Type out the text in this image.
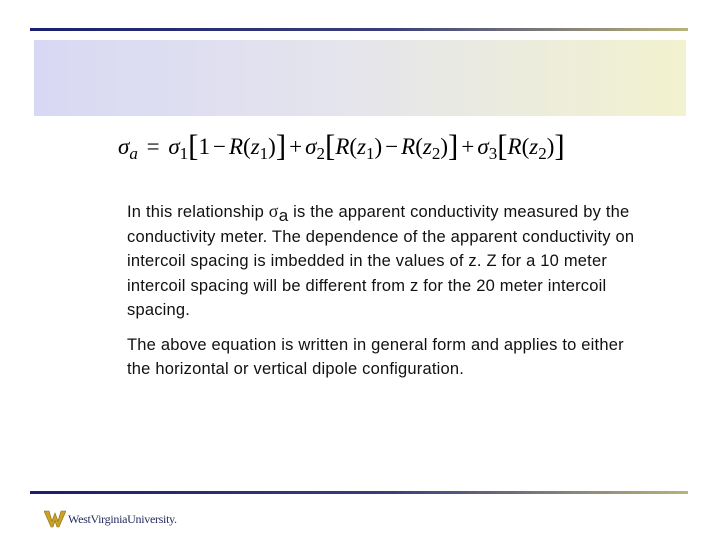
$\sigma_a = \sigma_1[1 - R(z_1)] + \sigma_2[R(z_1) - R(z_2)] + \sigma_3[R(z_2)]$

In this relationship $\sigma_a$ is the apparent conductivity measured by the conductivity meter. The dependence of the apparent conductivity on intercoil spacing is imbedded in the values of z. Z for a 10 meter intercoil spacing will be different from z for the 20 meter intercoil spacing.

The above equation is written in general form and applies to either the horizontal or vertical dipole configuration.

WestVirginiaUniversity.
